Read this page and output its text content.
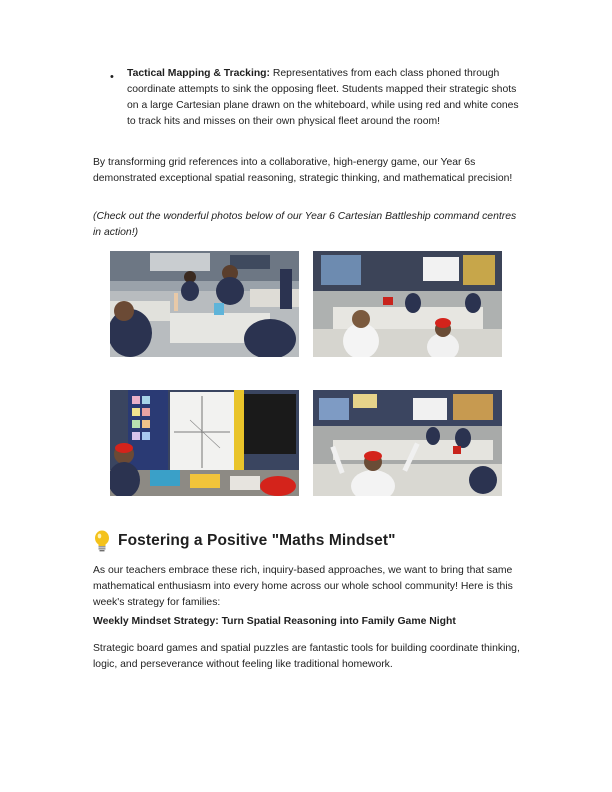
• Tactical Mapping & Tracking: Representatives from each class phoned through coordinate attempts to sink the opposing fleet. Students mapped their strategic shots on a large Cartesian plane drawn on the whiteboard, while using red and white cones to track hits and misses on their own physical fleet around the room!

By transforming grid references into a collaborative, high-energy game, our Year 6s demonstrated exceptional spatial reasoning, strategic thinking, and mathematical precision!

(Check out the wonderful photos below of our Year 6 Cartesian Battleship command centres in action!)

Fostering a Positive "Maths Mindset"

As our teachers embrace these rich, inquiry-based approaches, we want to bring that same mathematical enthusiasm into every home across our whole school community! Here is this week's strategy for families:

Weekly Mindset Strategy: Turn Spatial Reasoning into Family Game Night

Strategic board games and spatial puzzles are fantastic tools for building coordinate thinking, logic, and perseverance without feeling like traditional homework.
